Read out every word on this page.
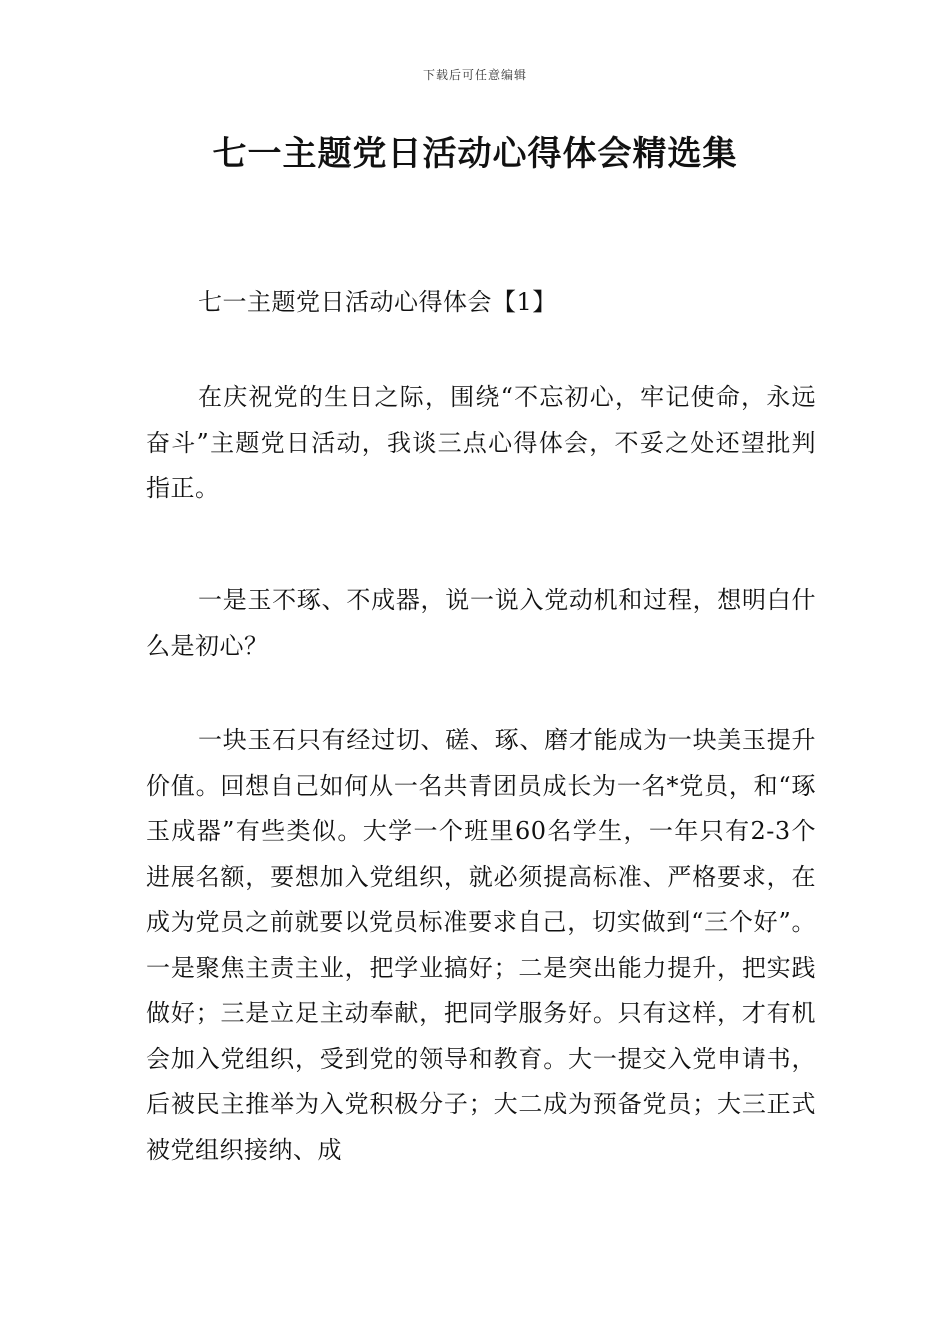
下载后可任意编辑
七一主题党日活动心得体会精选集

七一主题党日活动心得体会【1】

在庆祝党的生日之际，围绕“不忘初心，牢记使命，永远奋斗”主题党日活动，我谈三点心得体会，不妥之处还望批判指正。

一是玉不琢、不成器，说一说入党动机和过程，想明白什么是初心？

一块玉石只有经过切、磋、琢、磨才能成为一块美玉提升价值。回想自己如何从一名共青团员成长为一名*党员，和“琢玉成器”有些类似。大学一个班里60名学生，一年只有2-3个进展名额，要想加入党组织，就必须提高标准、严格要求，在成为党员之前就要以党员标准要求自己，切实做到“三个好”。一是聚焦主责主业，把学业搞好；二是突出能力提升，把实践做好；三是立足主动奉献，把同学服务好。只有这样，才有机会加入党组织，受到党的领导和教育。大一提交入党申请书，后被民主推举为入党积极分子；大二成为预备党员；大三正式被党组织接纳、成
